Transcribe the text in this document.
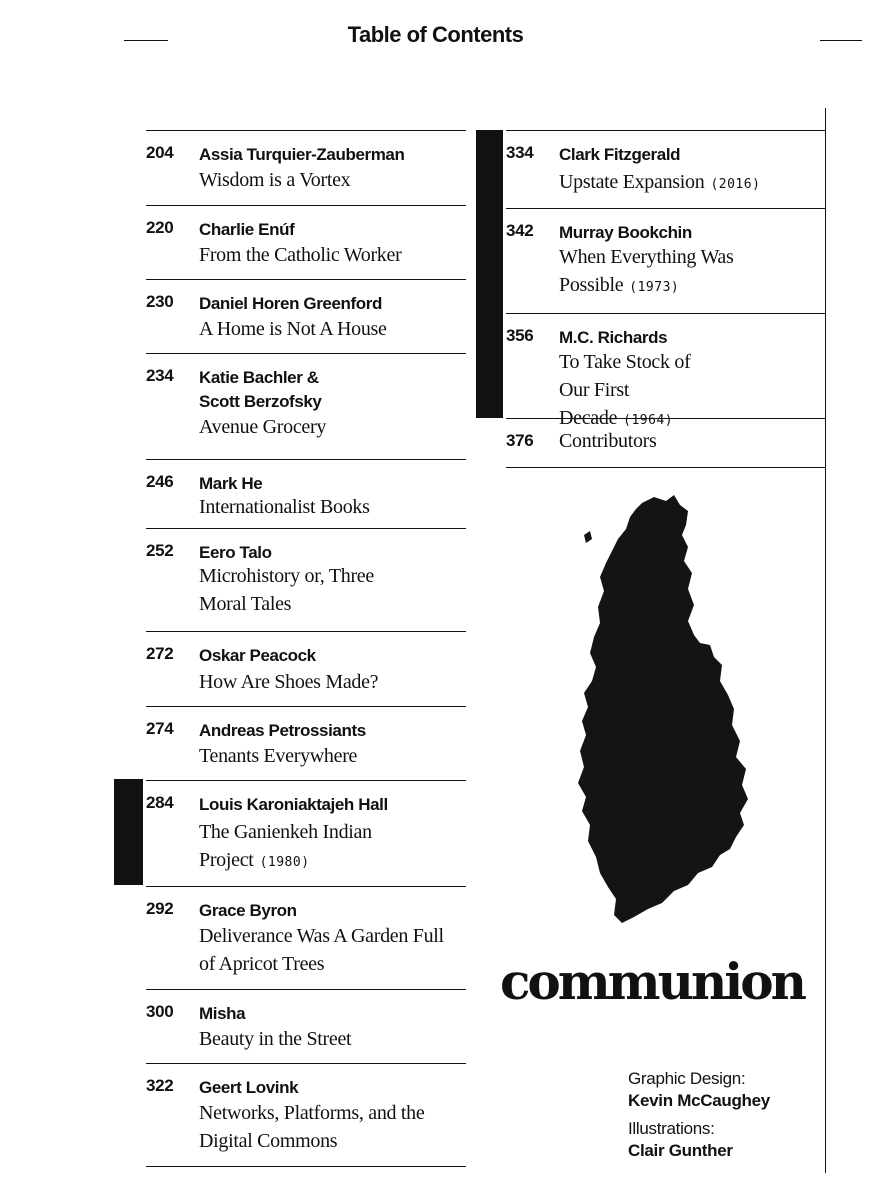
Table of Contents
204 Assia Turquier-Zauberman
Wisdom is a Vortex
220 Charlie Enúf
From the Catholic Worker
230 Daniel Horen Greenford
A Home is Not A House
234 Katie Bachler & Scott Berzofsky
Avenue Grocery
246 Mark He
Internationalist Books
252 Eero Talo
Microhistory or, Three Moral Tales
272 Oskar Peacock
How Are Shoes Made?
274 Andreas Petrossiants
Tenants Everywhere
284 Louis Karoniaktajeh Hall
The Ganienkeh Indian Project (1980)
292 Grace Byron
Deliverance Was A Garden Full of Apricot Trees
300 Misha
Beauty in the Street
322 Geert Lovink
Networks, Platforms, and the Digital Commons
334 Clark Fitzgerald
Upstate Expansion (2016)
342 Murray Bookchin
When Everything Was Possible (1973)
356 M.C. Richards
To Take Stock of Our First Decade (1964)
376 Contributors
communion
Graphic Design:
Kevin McCaughey
Illustrations:
Clair Gunther
